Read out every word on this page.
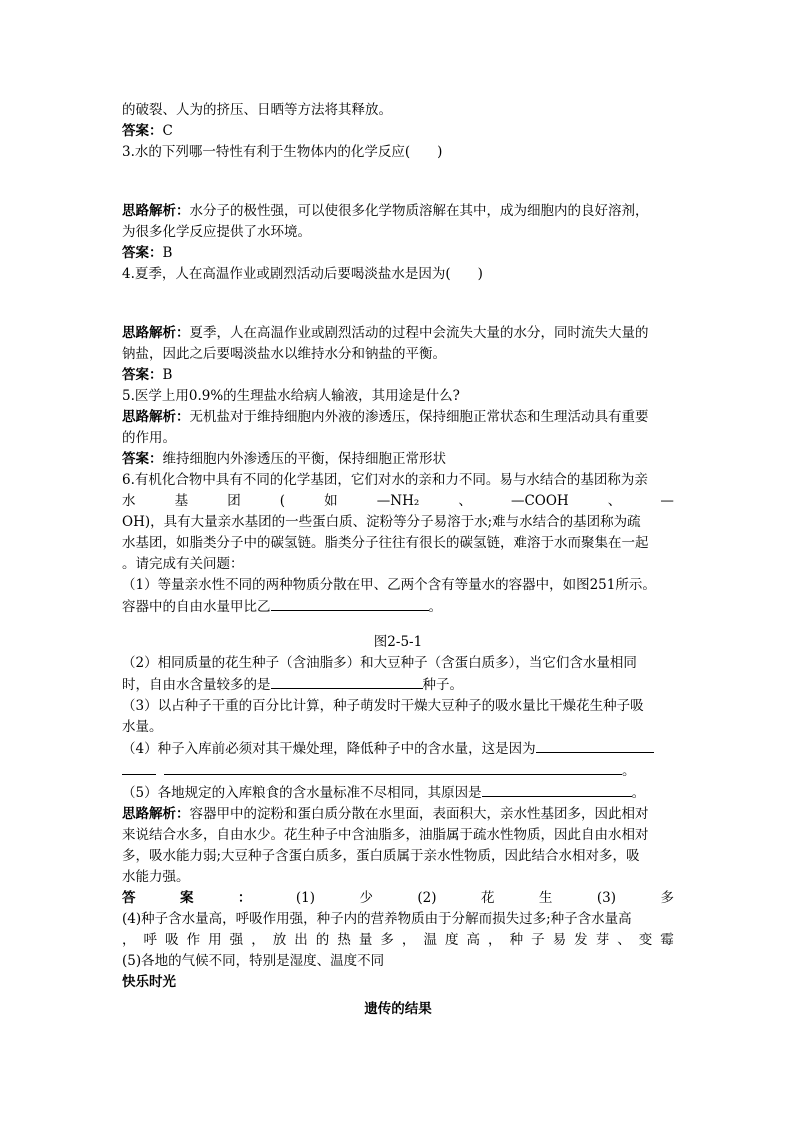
的破裂、人为的挤压、日晒等方法将其释放。
答案：C
3.水的下列哪一特性有利于生物体内的化学反应(　　)
思路解析：水分子的极性强，可以使很多化学物质溶解在其中，成为细胞内的良好溶剂，
为很多化学反应提供了水环境。
答案：B
4.夏季，人在高温作业或剧烈活动后要喝淡盐水是因为(　　)
思路解析：夏季，人在高温作业或剧烈活动的过程中会流失大量的水分，同时流失大量的
钠盐，因此之后要喝淡盐水以维持水分和钠盐的平衡。
答案：B
5.医学上用0.9%的生理盐水给病人输液，其用途是什么?
思路解析：无机盐对于维持细胞内外液的渗透压，保持细胞正常状态和生理活动具有重要
的作用。
答案：维持细胞内外渗透压的平衡，保持细胞正常形状
6.有机化合物中具有不同的化学基团，它们对水的亲和力不同。易与水结合的基团称为亲
水	基	团	(	如	—NH₂	、	—COOH	、	—
OH)，具有大量亲水基团的一些蛋白质、淀粉等分子易溶于水;难与水结合的基团称为疏
水基团，如脂类分子中的碳氢链。脂类分子往往有很长的碳氢链，难溶于水而聚集在一起
。请完成有关问题：
（1）等量亲水性不同的两种物质分散在甲、乙两个含有等量水的容器中，如图251所示。
容器中的自由水量甲比乙	。
图2-5-1
（2）相同质量的花生种子（含油脂多）和大豆种子（含蛋白质多），当它们含水量相同
时，自由水含量较多的是	种子。
（3）以占种子干重的百分比计算，种子萌发时干燥大豆种子的吸水量比干燥花生种子吸
水量。
（4）种子入库前必须对其干燥处理，降低种子中的含水量，这是因为
。
（5）各地规定的入库粮食的含水量标准不尽相同，其原因是	。
思路解析：容器甲中的淀粉和蛋白质分散在水里面，表面积大，亲水性基团多，因此相对
来说结合水多，自由水少。花生种子中含油脂多，油脂属于疏水性物质，因此自由水相对
多，吸水能力弱;大豆种子含蛋白质多，蛋白质属于亲水性物质，因此结合水相对多，吸
水能力强。
答	案	：	(1)	少	(2)	花	生	(3)	多
(4)种子含水量高，呼吸作用强，种子内的营养物质由于分解而损失过多;种子含水量高
， 呼 吸 作 用 强 ， 放 出 的 热 量 多 ， 温 度 高 ， 种 子 易 发 芽 、 变 霉
(5)各地的气候不同，特别是湿度、温度不同
快乐时光
遗传的结果
